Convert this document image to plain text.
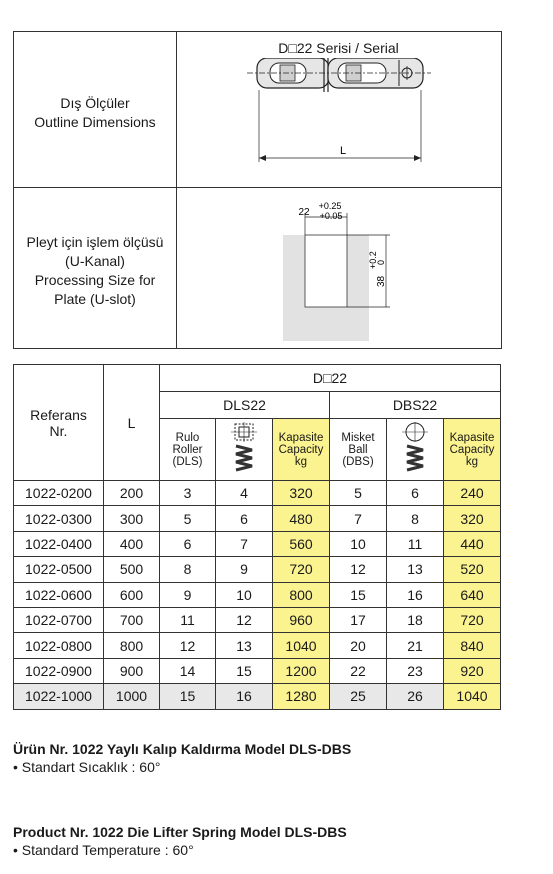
Dış Ölçüler
Outline Dimensions
D□22 Serisi / Serial
Pleyt için işlem ölçüsü
(U-Kanal)
Processing Size for
Plate (U-slot)
L
22
+0.25
+0.05
38
+0.2
0
Referans Nr.	L	D□22					
		DLS22			DBS22		
		Rulo Roller (DLS)		Kapasite Capacity kg	Misket Ball (DBS)		Kapasite Capacity kg
1022-0200	200	3	4	320	5	6	240
1022-0300	300	5	6	480	7	8	320
1022-0400	400	6	7	560	10	11	440
1022-0500	500	8	9	720	12	13	520
1022-0600	600	9	10	800	15	16	640
1022-0700	700	11	12	960	17	18	720
1022-0800	800	12	13	1040	20	21	840
1022-0900	900	14	15	1200	22	23	920
1022-1000	1000	15	16	1280	25	26	1040
Ürün Nr. 1022 Yaylı Kalıp Kaldırma Model DLS-DBS
• Standart Sıcaklık : 60°
Product Nr. 1022 Die Lifter Spring Model DLS-DBS
• Standard Temperature : 60°
